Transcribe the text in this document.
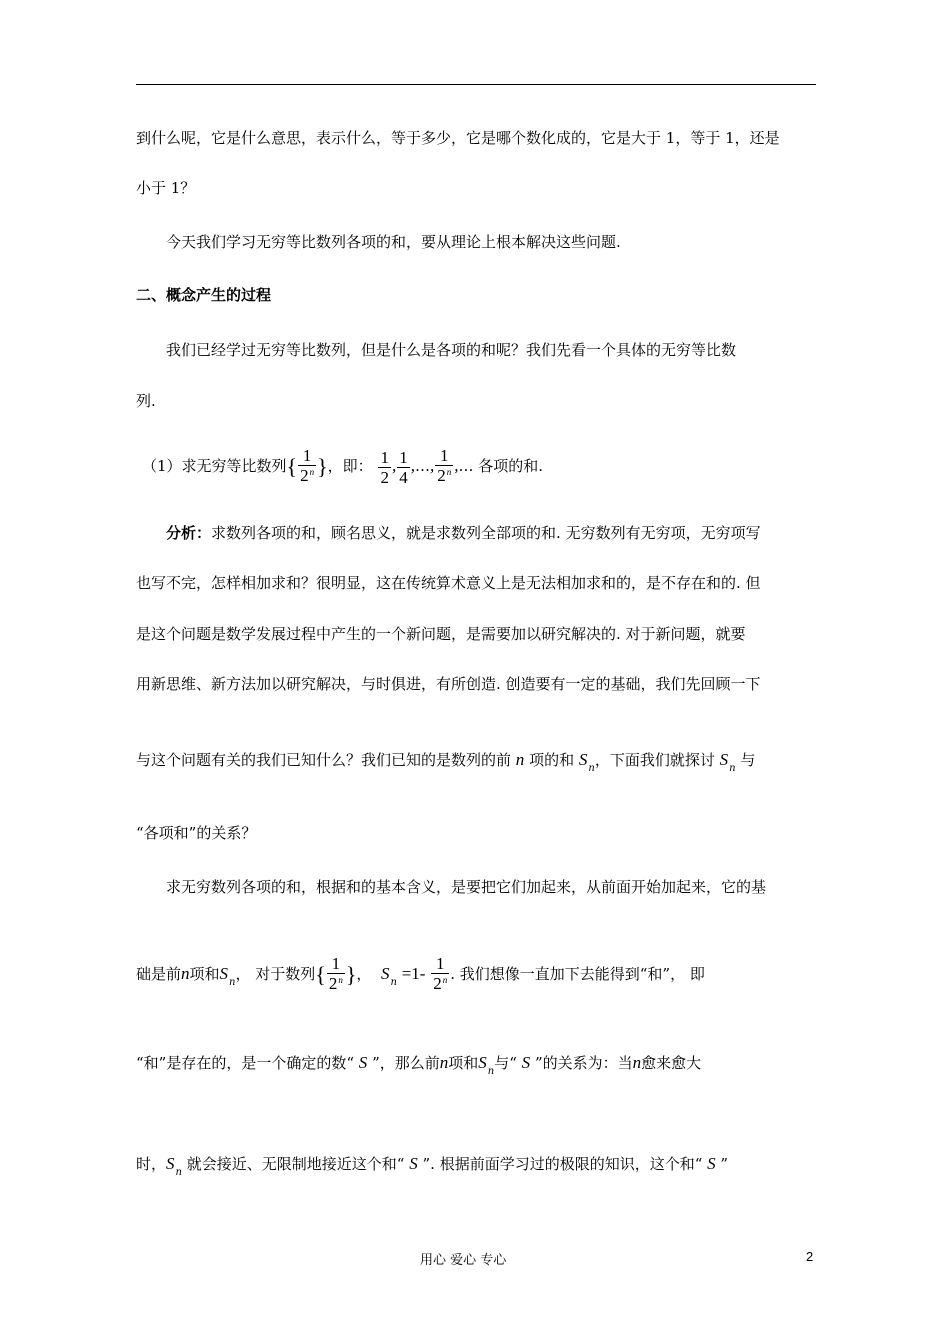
到什么呢，它是什么意思，表示什么，等于多少，它是哪个数化成的，它是大于 1，等于 1，还是
小于 1？
今天我们学习无穷等比数列各项的和，要从理论上根本解决这些问题.
二、概念产生的过程
我们已经学过无穷等比数列，但是什么是各项的和呢？我们先看一个具体的无穷等比数
列.
（1）求无穷等比数列{ $\frac{1}{2^n}$ }，即： $\frac{1}{2}$ , $\frac{1}{4}$ ,…, $\frac{1}{2^n}$ ,… 各项的和.
分析：求数列各项的和，顾名思义，就是求数列全部项的和. 无穷数列有无穷项，无穷项写
也写不完，怎样相加求和？很明显，这在传统算术意义上是无法相加求和的，是不存在和的. 但
是这个问题是数学发展过程中产生的一个新问题，是需要加以研究解决的. 对于新问题，就要
用新思维、新方法加以研究解决，与时俱进，有所创造. 创造要有一定的基础，我们先回顾一下
与这个问题有关的我们已知什么？我们已知的是数列的前 n 项的和 $S_n$，下面我们就探讨 $S_n$ 与
“各项和”的关系？
求无穷数列各项的和，根据和的基本含义，是要把它们加起来，从前面开始加起来，它的基
础是前n项和$S_n$， 对于数列{ $\frac{1}{2^n}$ }， $S_n =1- \frac{1}{2^n}$ . 我们想像一直加下去能得到“和”， 即
“和”是存在的，是一个确定的数“ S ”，那么前n项和$S_n$与“ S ”的关系为：当n愈来愈大
时，$S_n$ 就会接近、无限制地接近这个和“ S ”. 根据前面学习过的极限的知识，这个和“ S ”
用心 爱心 专心	2
